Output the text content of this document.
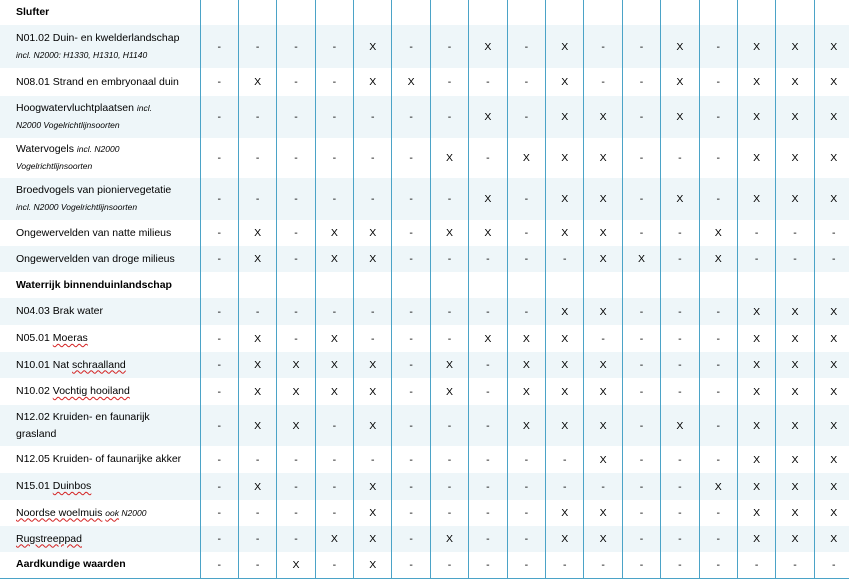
Slufter																	

N01.02 Duin- en kwelderlandschap
incl. N2000: H1330, H1310, H1140	-	-	-	-	X	-	-	X	-	X	-	-	X	-	X	X	X

N08.01 Strand en embryonaal duin	-	X	-	-	X	X	-	-	-	X	-	-	X	-	X	X	X

Hoogwatervluchtplaatsen incl.
N2000 Vogelrichtlijnsoorten	-	-	-	-	-	-	-	X	-	X	X	-	X	-	X	X	X

Watervogels incl. N2000
Vogelrichtlijnsoorten	-	-	-	-	-	-	X	-	X	X	X	-	-	-	X	X	X

Broedvogels van pioniervegetatie
incl. N2000 Vogelrichtlijnsoorten	-	-	-	-	-	-	-	X	-	X	X	-	X	-	X	X	X

Ongewervelden van natte milieus	-	X	-	X	X	-	X	X	-	X	X	-	-	X	-	-	-

Ongewervelden van droge milieus	-	X	-	X	X	-	-	-	-	-	X	X	-	X	-	-	-

Waterrijk binnenduinlandschap																	

N04.03 Brak water	-	-	-	-	-	-	-	-	-	X	X	-	-	-	X	X	X

N05.01 Moeras	-	X	-	X	-	-	-	X	X	X	-	-	-	-	X	X	X

N10.01 Nat schraalland	-	X	X	X	X	-	X	-	X	X	X	-	-	-	X	X	X

N10.02 Vochtig hooiland	-	X	X	X	X	-	X	-	X	X	X	-	-	-	X	X	X

N12.02 Kruiden- en faunarijk
grasland	-	X	X	-	X	-	-	-	X	X	X	-	X	-	X	X	X

N12.05 Kruiden- of faunarijke akker	-	-	-	-	-	-	-	-	-	-	X	-	-	-	X	X	X

N15.01 Duinbos	-	X	-	-	X	-	-	-	-	-	-	-	-	X	X	X	X

Noordse woelmuis ook N2000	-	-	-	-	X	-	-	-	-	X	X	-	-	-	X	X	X

Rugstreeppad	-	-	-	X	X	-	X	-	-	X	X	-	-	-	X	X	X

Aardkundige waarden	-	-	X	-	X	-	-	-	-	-	-	-	-	-	-	-	-
